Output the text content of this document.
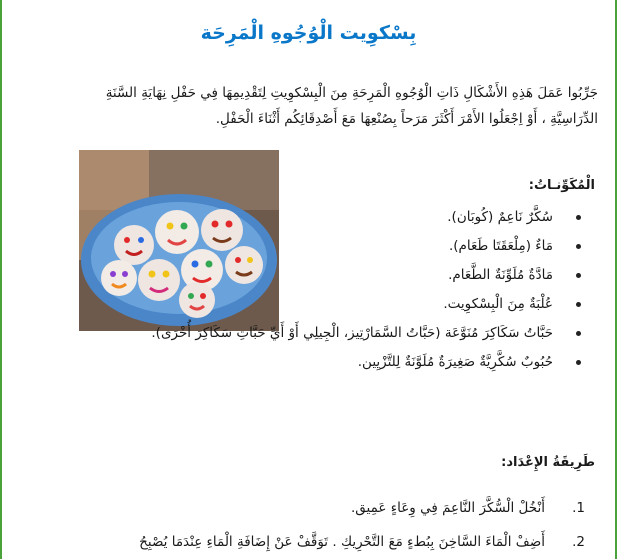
بِسْكوِيت الْوُجُوهِ الْمَرِحَة
جَرِّبُوا عَمَلَ هَذِهِ الأَشْكَالِ ذَاتِ الْوُجُوهِ الْمَرِحَةِ مِنَ الْبِسْكوِيتِ لِتَقْدِيمِهَا فِي حَفْلِ نِهَايَةِ السَّنَةِ
الدِّرَاسِيَّةِ ، أَوْ اِجْعَلُوا الأَمْرَ أَكْثَرَ مَرَحاً بِصُنْعِهَا مَعَ أَصْدِقَائِكُم أَثْنَاءَ الْحَفْلِ.
الْمُكَوِّنـاتُ:
سُكَّرٌ نَاعِمٌ (كُوبَان).
مَاءٌ (مِلْعَقَتَا طَعَام).
مَادَّةٌ مُلَوِّنَةٌ الطَّعَام.
عُلْبَةٌ مِنَ الْبِسْكوِيت.
حَبَّاتُ سَكَاكِرَ مُنَوَّعَة (حَبَّاتُ السَّمَارْتِيز، الْجِيلِي أَوْ أَيِّ حَبَّاتِ سَكَاكِرَ أُخْرَى).
حُبُوبٌ سُكَّرِيَّةٌ صَغِيرَةٌ مُلَوَّنَةٌ لِلتَّزْيِين.
طَرِيقَةُ الإِعْدَاد:
1.
أَنْخُلْ الْسُّكَّرَ النَّاعِمَ فِي وِعَاءٍ عَمِيق.
2.
أَضِفْ الْمَاءَ السَّاخِنَ بِبُطءٍ مَعَ التَّحْرِيكِ . تَوَقَّفْ عَنْ إِضَافَةِ الْمَاءِ عِنْدَمَا يُصْبِحُ
